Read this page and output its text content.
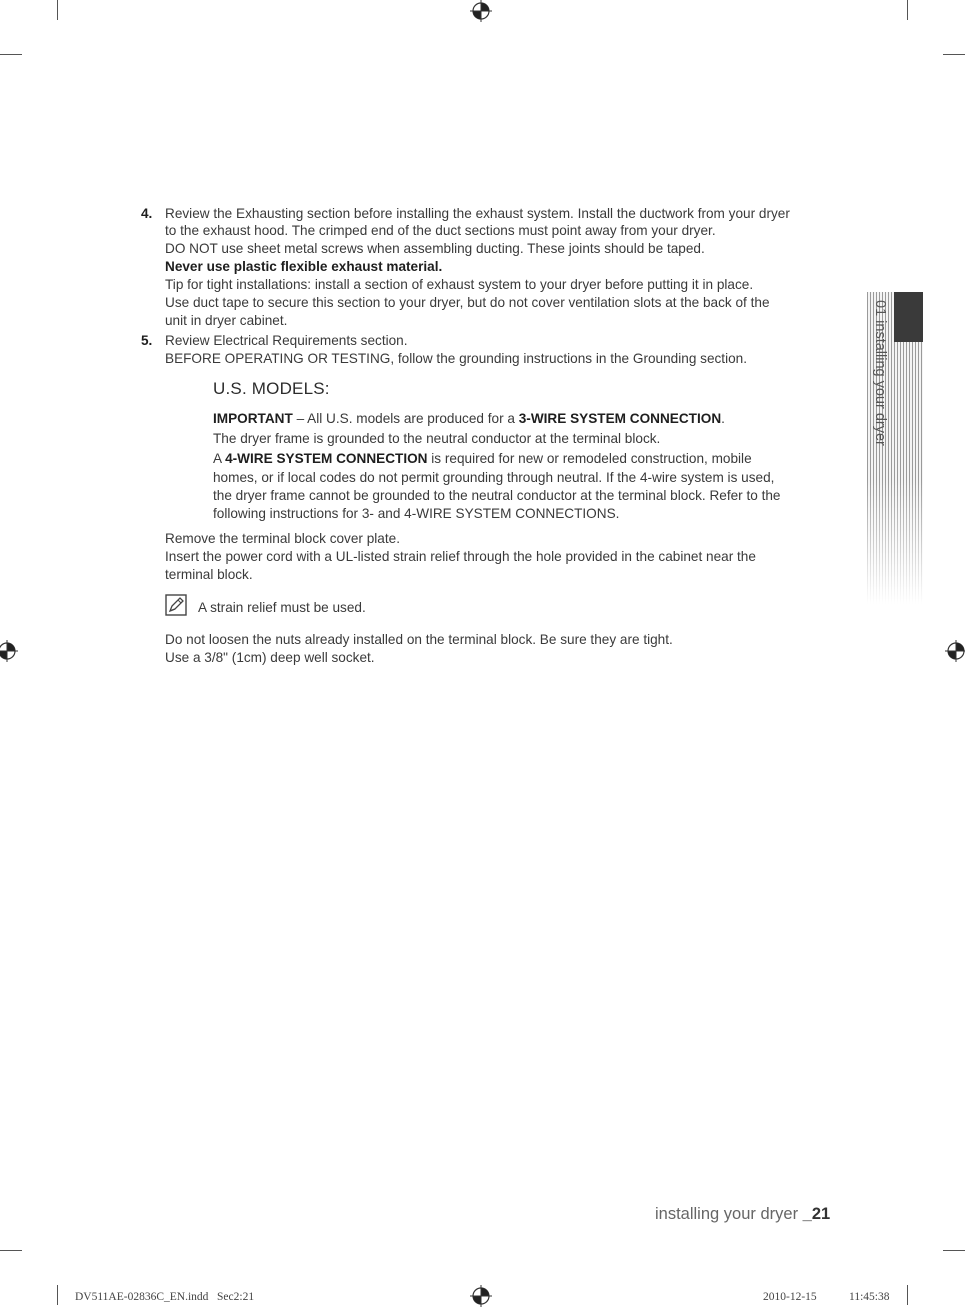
01 installing your dryer
4. Review the Exhausting section before installing the exhaust system. Install the ductwork from your dryer
to the exhaust hood. The crimped end of the duct sections must point away from your dryer.
DO NOT use sheet metal screws when assembling ducting. These joints should be taped.
Never use plastic flexible exhaust material.
Tip for tight installations: install a section of exhaust system to your dryer before putting it in place.
Use duct tape to secure this section to your dryer, but do not cover ventilation slots at the back of the
unit in dryer cabinet.
5. Review Electrical Requirements section.
BEFORE OPERATING OR TESTING, follow the grounding instructions in the Grounding section.
U.S. MODELS:
IMPORTANT – All U.S. models are produced for a 3-WIRE SYSTEM CONNECTION.
The dryer frame is grounded to the neutral conductor at the terminal block.
A 4-WIRE SYSTEM CONNECTION is required for new or remodeled construction, mobile
homes, or if local codes do not permit grounding through neutral. If the 4-wire system is used,
the dryer frame cannot be grounded to the neutral conductor at the terminal block. Refer to the
following instructions for 3- and 4-WIRE SYSTEM CONNECTIONS.
Remove the terminal block cover plate.
Insert the power cord with a UL-listed strain relief through the hole provided in the cabinet near the
terminal block.
A strain relief must be used.
Do not loosen the nuts already installed on the terminal block. Be sure they are tight.
Use a 3/8" (1cm) deep well socket.
installing your dryer _21
DV511AE-02836C_EN.indd   Sec2:21	2010-12-15	11:45:38
